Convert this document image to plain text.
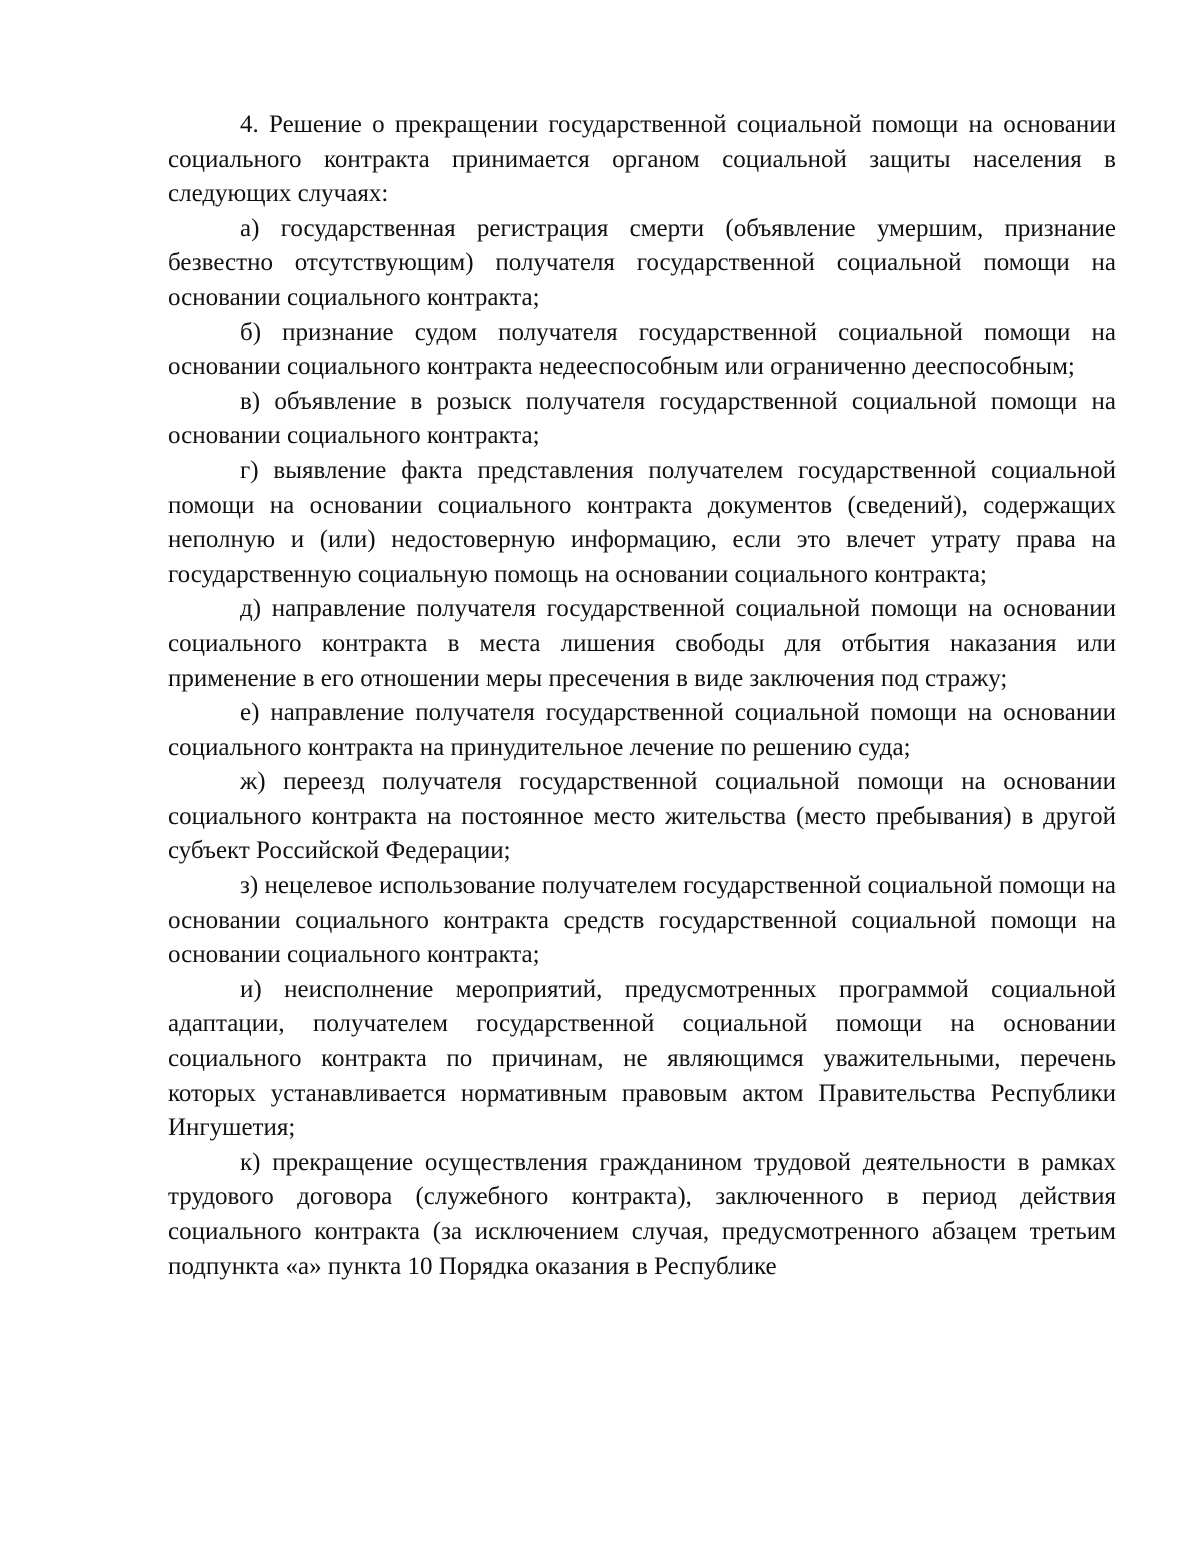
4. Решение о прекращении государственной социальной помощи на основании социального контракта принимается органом социальной защиты населения в следующих случаях:

а) государственная регистрация смерти (объявление умершим, признание безвестно отсутствующим) получателя государственной социальной помощи на основании социального контракта;

б) признание судом получателя государственной социальной помощи на основании социального контракта недееспособным или ограниченно дееспособным;

в) объявление в розыск получателя государственной социальной помощи на основании социального контракта;

г) выявление факта представления получателем государственной социальной помощи на основании социального контракта документов (сведений), содержащих неполную и (или) недостоверную информацию, если это влечет утрату права на государственную социальную помощь на основании социального контракта;

д) направление получателя государственной социальной помощи на основании социального контракта в места лишения свободы для отбытия наказания или применение в его отношении меры пресечения в виде заключения под стражу;

е) направление получателя государственной социальной помощи на основании социального контракта на принудительное лечение по решению суда;

ж) переезд получателя государственной социальной помощи на основании социального контракта на постоянное место жительства (место пребывания) в другой субъект Российской Федерации;

з) нецелевое использование получателем государственной социальной помощи на основании социального контракта средств государственной социальной помощи на основании социального контракта;

и) неисполнение мероприятий, предусмотренных программой социальной адаптации, получателем государственной социальной помощи на основании социального контракта по причинам, не являющимся уважительными, перечень которых устанавливается нормативным правовым актом Правительства Республики Ингушетия;

к) прекращение осуществления гражданином трудовой деятельности в рамках трудового договора (служебного контракта), заключенного в период действия социального контракта (за исключением случая, предусмотренного абзацем третьим подпункта «а» пункта 10 Порядка оказания в Республике
